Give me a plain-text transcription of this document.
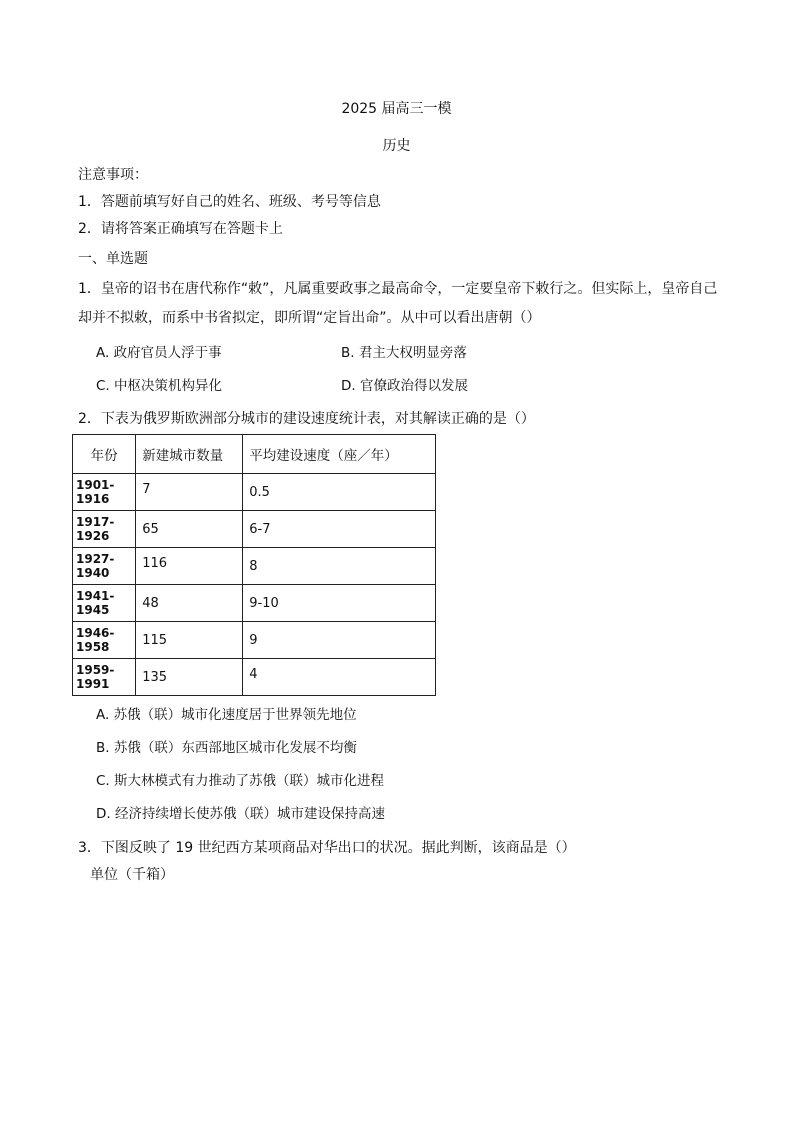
2025 届高三一模
历史
注意事项：
1．答题前填写好自己的姓名、班级、考号等信息
2．请将答案正确填写在答题卡上
一、单选题
1．皇帝的诏书在唐代称作“敕”，凡属重要政事之最高命令，一定要皇帝下敕行之。但实际上，皇帝自己却并不拟敕，而系中书省拟定，即所谓“定旨出命”。从中可以看出唐朝（）
A. 政府官员人浮于事	B. 君主大权明显旁落
C. 中枢决策机构异化	D. 官僚政治得以发展
2．下表为俄罗斯欧洲部分城市的建设速度统计表，对其解读正确的是（）
年份	新建城市数量	平均建设速度（座／年）
1901-1916	7	0.5
1917-1926	65	6-7
1927-1940	116	8
1941-1945	48	9-10
1946-1958	115	9
1959-1991	135	4
A. 苏俄（联）城市化速度居于世界领先地位
B. 苏俄（联）东西部地区城市化发展不均衡
C. 斯大林模式有力推动了苏俄（联）城市化进程
D. 经济持续增长使苏俄（联）城市建设保持高速
3．下图反映了 19 世纪西方某项商品对华出口的状况。据此判断，该商品是（）
单位（千箱）
